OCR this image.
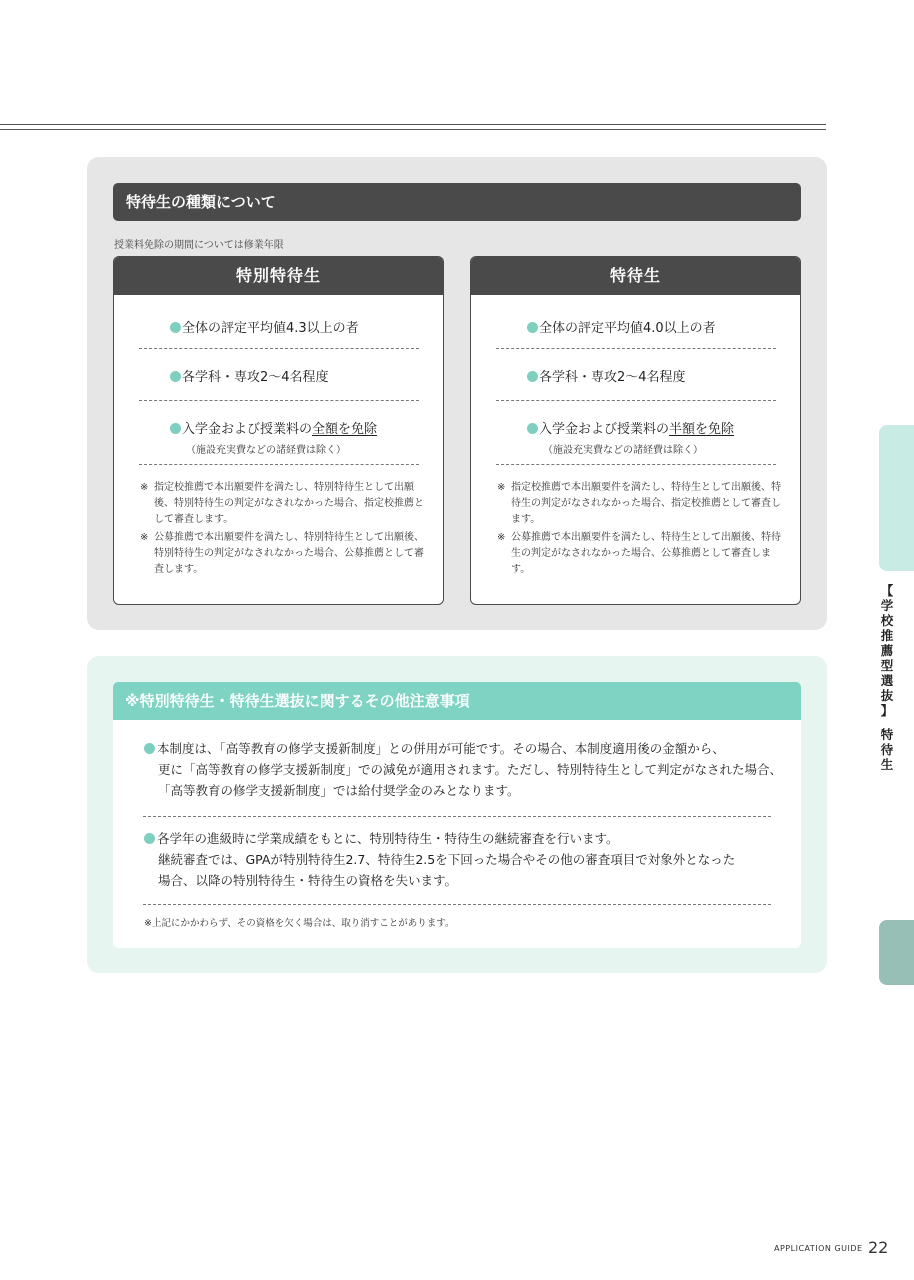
特待生の種類について
授業料免除の期間については修業年限
特別特待生
全体の評定平均値4.3以上の者
各学科・専攻2〜4名程度
入学金および授業料の全額を免除
（施設充実費などの諸経費は除く）
※ 指定校推薦で本出願要件を満たし、特別特待生として出願後、特別特待生の判定がなされなかった場合、指定校推薦として審査します。
※ 公募推薦で本出願要件を満たし、特別特待生として出願後、特別特待生の判定がなされなかった場合、公募推薦として審査します。
特待生
全体の評定平均値4.0以上の者
各学科・専攻2〜4名程度
入学金および授業料の半額を免除
（施設充実費などの諸経費は除く）
※ 指定校推薦で本出願要件を満たし、特待生として出願後、特待生の判定がなされなかった場合、指定校推薦として審査します。
※ 公募推薦で本出願要件を満たし、特待生として出願後、特待生の判定がなされなかった場合、公募推薦として審査します。
※特別特待生・特待生選抜に関するその他注意事項
本制度は、「高等教育の修学支援新制度」との併用が可能です。その場合、本制度適用後の金額から、
更に「高等教育の修学支援新制度」での減免が適用されます。ただし、特別特待生として判定がなされた場合、
「高等教育の修学支援新制度」では給付奨学金のみとなります。
各学年の進級時に学業成績をもとに、特別特待生・特待生の継続審査を行います。
継続審査では、GPAが特別特待生2.7、特待生2.5を下回った場合やその他の審査項目で対象外となった
場合、以降の特別特待生・特待生の資格を失います。
※上記にかかわらず、その資格を欠く場合は、取り消すことがあります。
【
学
校
推
薦
型
選
抜
】
特
待
生
APPLICATION GUIDE 22
